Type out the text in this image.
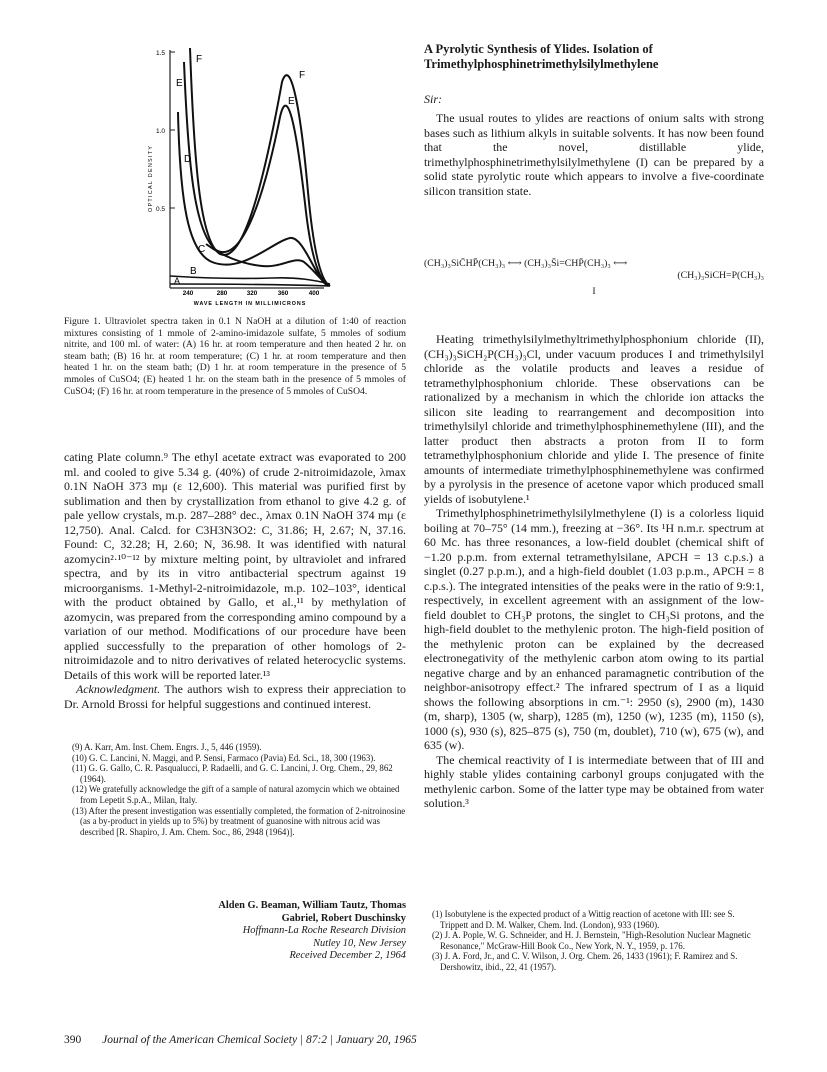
1.5
1.0
0.5
OPTICAL DENSITY
240	280	320	360	400
WAVE LENGTH IN MILLIMICRONS
F
E
D
C
B
A
F
E
Figure 1. Ultraviolet spectra taken in 0.1 N NaOH at a dilution of 1:40 of reaction mixtures consisting of 1 mmole of 2-amino-imidazole sulfate, 5 mmoles of sodium nitrite, and 100 ml. of water: (A) 16 hr. at room temperature and then heated 2 hr. on steam bath; (B) 16 hr. at room temperature; (C) 1 hr. at room temperature and then heated 1 hr. on the steam bath; (D) 1 hr. at room temperature in the presence of 5 mmoles of CuSO4; (E) heated 1 hr. on the steam bath in the presence of 5 mmoles of CuSO4; (F) 16 hr. at room temperature in the presence of 5 mmoles of CuSO4.

cating Plate column.⁹ The ethyl acetate extract was evaporated to 200 ml. and cooled to give 5.34 g. (40%) of crude 2-nitroimidazole, λmax 0.1N NaOH 373 mμ (ε 12,600). This material was purified first by sublimation and then by crystallization from ethanol to give 4.2 g. of pale yellow crystals, m.p. 287–288° dec., λmax 0.1N NaOH 374 mμ (ε 12,750). Anal. Calcd. for C3H3N3O2: C, 31.86; H, 2.67; N, 37.16. Found: C, 32.28; H, 2.60; N, 36.98. It was identified with natural azomycin²·¹⁰⁻¹² by mixture melting point, by ultraviolet and infrared spectra, and by its in vitro antibacterial spectrum against 19 microorganisms. 1-Methyl-2-nitroimidazole, m.p. 102–103°, identical with the product obtained by Gallo, et al.,¹¹ by methylation of azomycin, was prepared from the corresponding amino compound by a variation of our method. Modifications of our procedure have been applied successfully to the preparation of other homologs of 2-nitroimidazole and to nitro derivatives of related heterocyclic systems. Details of this work will be reported later.¹³

Acknowledgment. The authors wish to express their appreciation to Dr. Arnold Brossi for helpful suggestions and continued interest.

(9) A. Karr, Am. Inst. Chem. Engrs. J., 5, 446 (1959).
(10) G. C. Lancini, N. Maggi, and P. Sensi, Farmaco (Pavia) Ed. Sci., 18, 300 (1963).
(11) G. G. Gallo, C. R. Pasqualucci, P. Radaelli, and G. C. Lancini, J. Org. Chem., 29, 862 (1964).
(12) We gratefully acknowledge the gift of a sample of natural azomycin which we obtained from Lepetit S.p.A., Milan, Italy.
(13) After the present investigation was essentially completed, the formation of 2-nitroinosine (as a by-product in yields up to 5%) by treatment of guanosine with nitrous acid was described [R. Shapiro, J. Am. Chem. Soc., 86, 2948 (1964)].
Alden G. Beaman, William Tautz, Thomas Gabriel, Robert Duschinsky
Hoffmann-La Roche Research Division
Nutley 10, New Jersey
Received December 2, 1964
A Pyrolytic Synthesis of Ylides. Isolation of Trimethylphosphinetrimethylsilylmethylene
Sir:

The usual routes to ylides are reactions of onium salts with strong bases such as lithium alkyls in suitable solvents. It has now been found that the novel, distillable ylide, trimethylphosphinetrimethylsilylmethylene (I) can be prepared by a solid state pyrolytic route which appears to involve a five-coordinate silicon transition state.

(CH₃)₃SiC̄HP̄(CH₃)₃ ⟷ (CH₃)₃S̄i=CHP̄(CH₃)₃ ⟷
(CH₃)₃SiCH=P(CH₃)₃
I

Heating trimethylsilylmethyltrimethylphosphonium chloride (II), (CH₃)₃SiCH₂P(CH₃)₃Cl, under vacuum produces I and trimethylsilyl chloride as the volatile products and leaves a residue of tetramethylphosphonium chloride. These observations can be rationalized by a mechanism in which the chloride ion attacks the silicon site leading to rearrangement and decomposition into trimethylsilyl chloride and trimethylphosphinemethylene (III), and the latter product then abstracts a proton from II to form tetramethylphosphonium chloride and ylide I. The presence of finite amounts of intermediate trimethylphosphinemethylene was confirmed by a pyrolysis in the presence of acetone vapor which produced small yields of isobutylene.¹

Trimethylphosphinetrimethylsilylmethylene (I) is a colorless liquid boiling at 70–75° (14 mm.), freezing at −36°. Its ¹H n.m.r. spectrum at 60 Mc. has three resonances, a low-field doublet (chemical shift of −1.20 p.p.m. from external tetramethylsilane, APCH = 13 c.p.s.) a singlet (0.27 p.p.m.), and a high-field doublet (1.03 p.p.m., APCH = 8 c.p.s.). The integrated intensities of the peaks were in the ratio of 9:9:1, respectively, in excellent agreement with an assignment of the low-field doublet to CH₃P protons, the singlet to CH₃Si protons, and the high-field doublet to the methylenic proton. The high-field position of the methylenic proton can be explained by the decreased electronegativity of the methylenic carbon atom owing to its partial negative charge and by an enhanced paramagnetic contribution of the neighbor-anisotropy effect.² The infrared spectrum of I as a liquid shows the following absorptions in cm.⁻¹: 2950 (s), 2900 (m), 1430 (m, sharp), 1305 (w, sharp), 1285 (m), 1250 (w), 1235 (m), 1150 (s), 1000 (s), 930 (s), 825–875 (s), 750 (m, doublet), 710 (w), 675 (w), and 635 (w).

The chemical reactivity of I is intermediate between that of III and highly stable ylides containing carbonyl groups conjugated with the methylenic carbon. Some of the latter type may be obtained from water solution.³

(1) Isobutylene is the expected product of a Wittig reaction of acetone with III: see S. Trippett and D. M. Walker, Chem. Ind. (London), 933 (1960).
(2) J. A. Pople, W. G. Schneider, and H. J. Bernstein, "High-Resolution Nuclear Magnetic Resonance," McGraw-Hill Book Co., New York, N. Y., 1959, p. 176.
(3) J. A. Ford, Jr., and C. V. Wilson, J. Org. Chem. 26, 1433 (1961); F. Ramirez and S. Dershowitz, ibid., 22, 41 (1957).
390 Journal of the American Chemical Society | 87:2 | January 20, 1965
